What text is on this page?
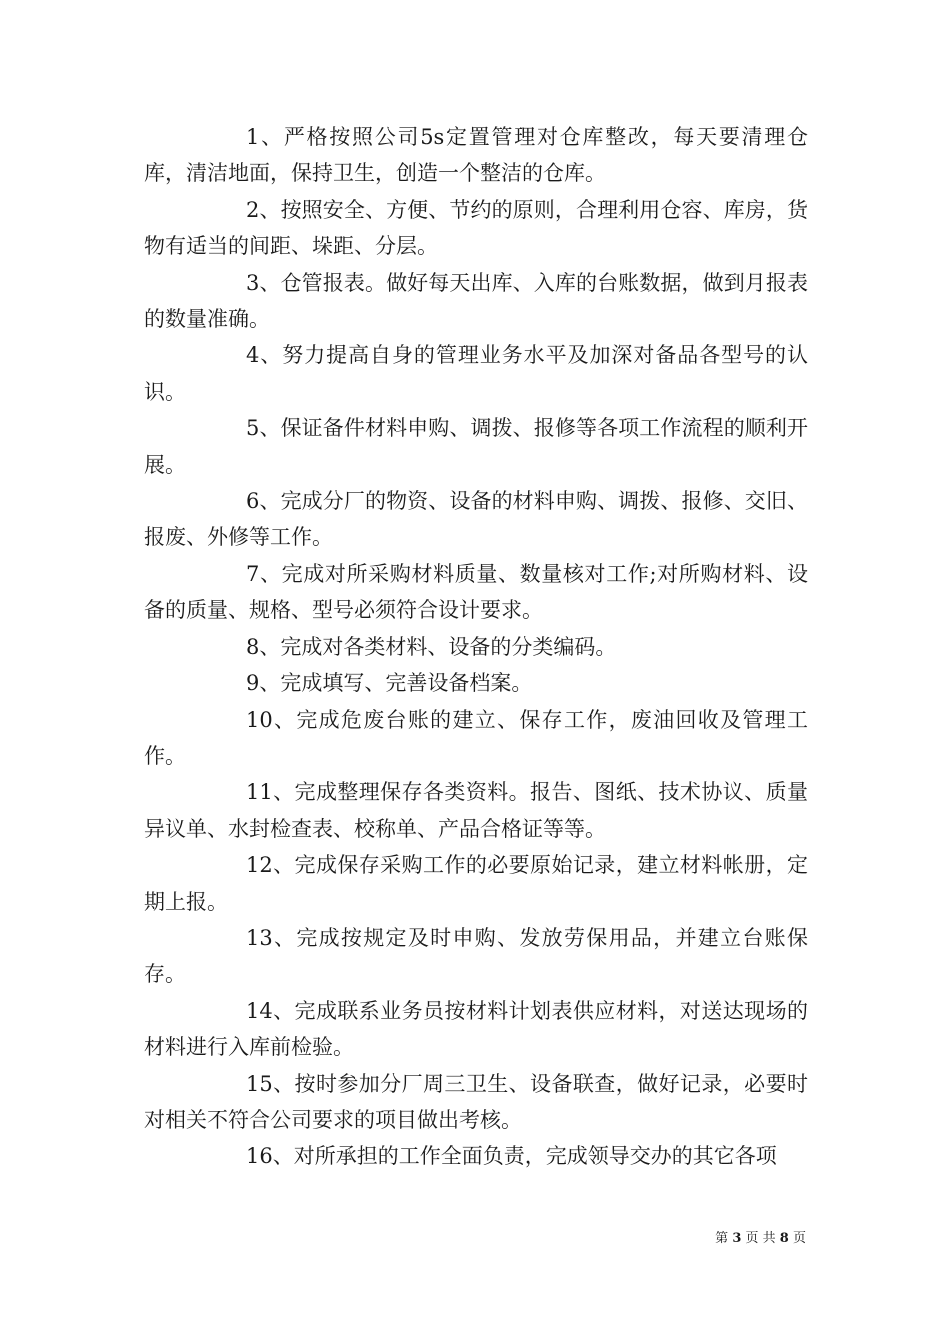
1、严格按照公司5s定置管理对仓库整改，每天要清理仓库，清洁地面，保持卫生，创造一个整洁的仓库。

2、按照安全、方便、节约的原则，合理利用仓容、库房，货物有适当的间距、垛距、分层。

3、仓管报表。做好每天出库、入库的台账数据，做到月报表的数量准确。

4、努力提高自身的管理业务水平及加深对备品各型号的认识。

5、保证备件材料申购、调拨、报修等各项工作流程的顺利开展。

6、完成分厂的物资、设备的材料申购、调拨、报修、交旧、报废、外修等工作。

7、完成对所采购材料质量、数量核对工作;对所购材料、设备的质量、规格、型号必须符合设计要求。

8、完成对各类材料、设备的分类编码。

9、完成填写、完善设备档案。

10、完成危废台账的建立、保存工作，废油回收及管理工作。

11、完成整理保存各类资料。报告、图纸、技术协议、质量异议单、水封检查表、校称单、产品合格证等等。

12、完成保存采购工作的必要原始记录，建立材料帐册，定期上报。

13、完成按规定及时申购、发放劳保用品，并建立台账保存。

14、完成联系业务员按材料计划表供应材料，对送达现场的材料进行入库前检验。

15、按时参加分厂周三卫生、设备联查，做好记录，必要时对相关不符合公司要求的项目做出考核。

16、对所承担的工作全面负责，完成领导交办的其它各项

第 3 页 共 8 页
